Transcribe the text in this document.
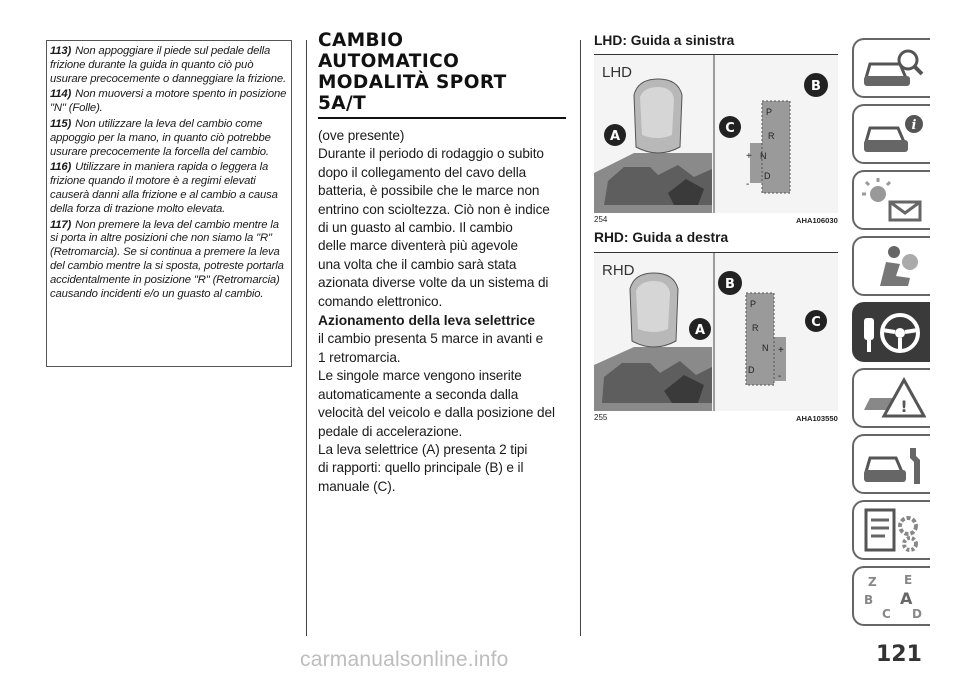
113) Non appoggiare il piede sul pedale della frizione durante la guida in quanto ciò può usurare precocemente o danneggiare la frizione.

114) Non muoversi a motore spento in posizione "N" (Folle).

115) Non utilizzare la leva del cambio come appoggio per la mano, in quanto ciò potrebbe usurare precocemente la forcella del cambio.

116) Utilizzare in maniera rapida o leggera la frizione quando il motore è a regimi elevati causerà danni alla frizione e al cambio a causa della forza di trazione molto elevata.

117) Non premere la leva del cambio mentre la si porta in altre posizioni che non siamo la "R" (Retromarcia). Se si continua a premere la leva del cambio mentre la si sposta, potreste portarla accidentalmente in posizione "R" (Retromarcia) causando incidenti e/o un guasto al cambio.

CAMBIO
AUTOMATICO
MODALITÀ SPORT
5A/T
(ove presente)
Durante il periodo di rodaggio o subito
dopo il collegamento del cavo della
batteria, è possibile che le marce non
entrino con scioltezza. Ciò non è indice
di un guasto al cambio. Il cambio
delle marce diventerà più agevole
una volta che il cambio sarà stata
azionata diverse volte da un sistema di
comando elettronico.
Azionamento della leva selettrice
il cambio presenta 5 marce in avanti e
1 retromarcia.
Le singole marce vengono inserite
automaticamente a seconda dalla
velocità del veicolo e dalla posizione del
pedale di accelerazione.
La leva selettrice (A) presenta 2 tipi
di rapporti: quello principale (B) e il
manuale (C).
LHD: Guida a sinistra
A
P
R
N
D
+
-
B
C
LHD
254	AHA106030
RHD: Guida a destra
A
P
R
N
D
+
-
B
C
RHD
255	AHA103550
i
!
Z E
B A
C D
121
carmanualsonline.info
